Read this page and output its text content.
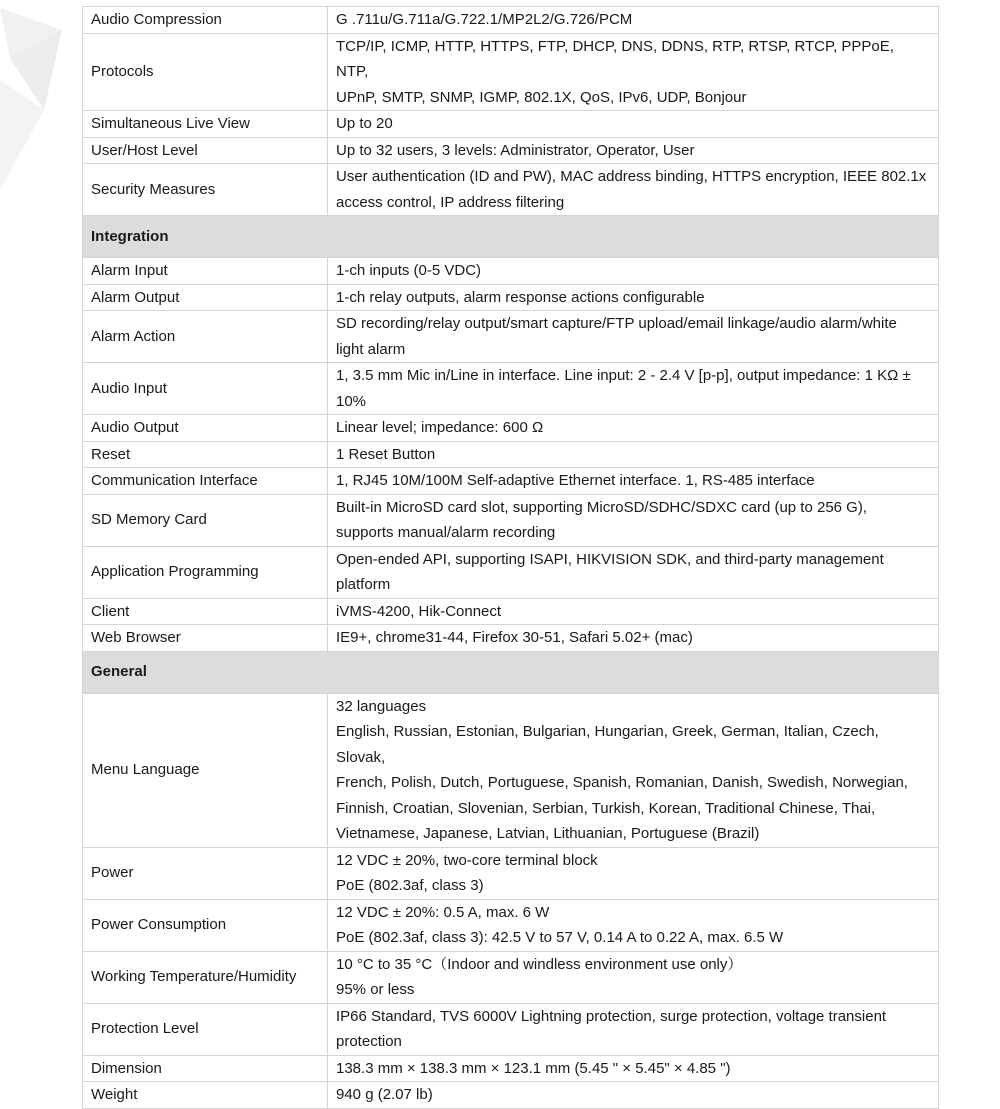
Audio Compression	G .711u/G.711a/G.722.1/MP2L2/G.726/PCM

Protocols	TCP/IP, ICMP, HTTP, HTTPS, FTP, DHCP, DNS, DDNS, RTP, RTSP, RTCP, PPPoE, NTP,
UPnP, SMTP, SNMP, IGMP, 802.1X, QoS, IPv6, UDP, Bonjour

Simultaneous Live View	Up to 20

User/Host Level	Up to 32 users, 3 levels: Administrator, Operator, User

Security Measures	User authentication (ID and PW), MAC address binding, HTTPS encryption, IEEE 802.1x
access control, IP address filtering

Integration	
Alarm Input	1-ch inputs (0-5 VDC)

Alarm Output	1-ch relay outputs, alarm response actions configurable

Alarm Action	SD recording/relay output/smart capture/FTP upload/email linkage/audio alarm/white
light alarm

Audio Input	1, 3.5 mm Mic in/Line in interface. Line input: 2 - 2.4 V [p-p], output impedance: 1 KΩ ±
10%

Audio Output	Linear level; impedance: 600 Ω

Reset	1 Reset Button

Communication Interface	1, RJ45 10M/100M Self-adaptive Ethernet interface. 1, RS-485 interface

SD Memory Card	Built-in MicroSD card slot, supporting MicroSD/SDHC/SDXC card (up to 256 G),
supports manual/alarm recording

Application Programming	Open-ended API, supporting ISAPI, HIKVISION SDK, and third-party management
platform

Client	iVMS-4200, Hik-Connect

Web Browser	IE9+, chrome31-44, Firefox 30-51, Safari 5.02+ (mac)

General	
Menu Language	32 languages
English, Russian, Estonian, Bulgarian, Hungarian, Greek, German, Italian, Czech, Slovak,
French, Polish, Dutch, Portuguese, Spanish, Romanian, Danish, Swedish, Norwegian,
Finnish, Croatian, Slovenian, Serbian, Turkish, Korean, Traditional Chinese, Thai,
Vietnamese, Japanese, Latvian, Lithuanian, Portuguese (Brazil)

Power	12 VDC ± 20%, two-core terminal block
PoE (802.3af, class 3)

Power Consumption	12 VDC ± 20%: 0.5 A, max. 6 W
PoE (802.3af, class 3): 42.5 V to 57 V, 0.14 A to 0.22 A, max. 6.5 W

Working Temperature/Humidity	10 °C to 35 °C（Indoor and windless environment use only）
95% or less

Protection Level	IP66 Standard, TVS 6000V Lightning protection, surge protection, voltage transient
protection

Dimension	138.3 mm × 138.3 mm × 123.1 mm (5.45 " × 5.45" × 4.85 ")

Weight	940 g (2.07 lb)
